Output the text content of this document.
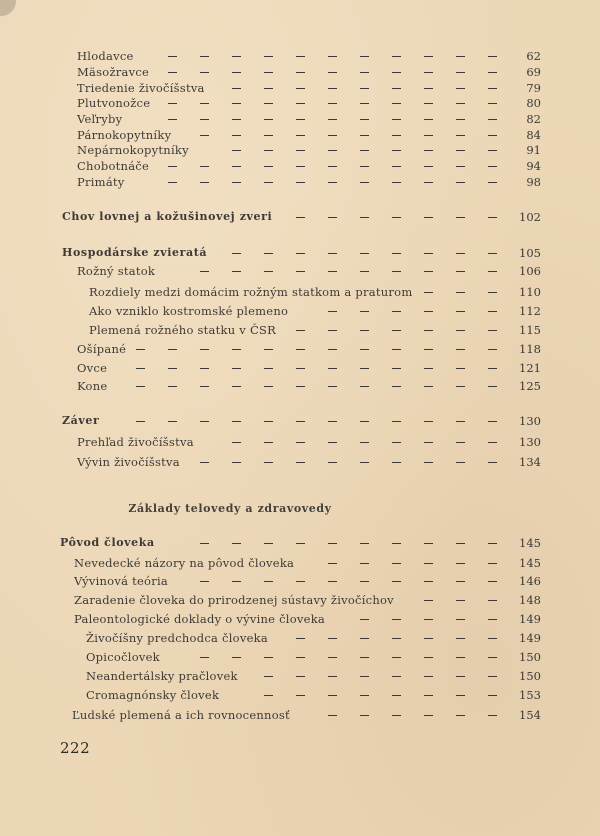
Hlodavce	62
Mäsožravce	69
Triedenie živočíšstva	79
Plutvonožce	80
Veľryby	82
Párnokopytníky	84
Nepárnokopytníky	91
Chobotnáče	94
Primáty	98
Chov lovnej a kožušinovej zveri	102
Hospodárske zvieratá	105
Rožný statok	106
Rozdiely medzi domácim rožným statkom a praturom	110
Ako vzniklo kostromské plemeno	112
Plemená rožného statku v ČSR	115
Ošípané	118
Ovce	121
Kone	125
Záver	130
Prehľad živočíšstva	130
Vývin živočíšstva	134
Pôvod človeka	145
Nevedecké názory na pôvod človeka	145
Vývinová teória	146
Zaradenie človeka do prirodzenej sústavy živočíchov	148
Paleontologické doklady o vývine človeka	149
Živočíšny predchodca človeka	149
Opicočlovek	150
Neandertálsky pračlovek	150
Cromagnónsky človek	153
Ľudské plemená a ich rovnocennosť	154
Základy telovedy a zdravovedy
222
